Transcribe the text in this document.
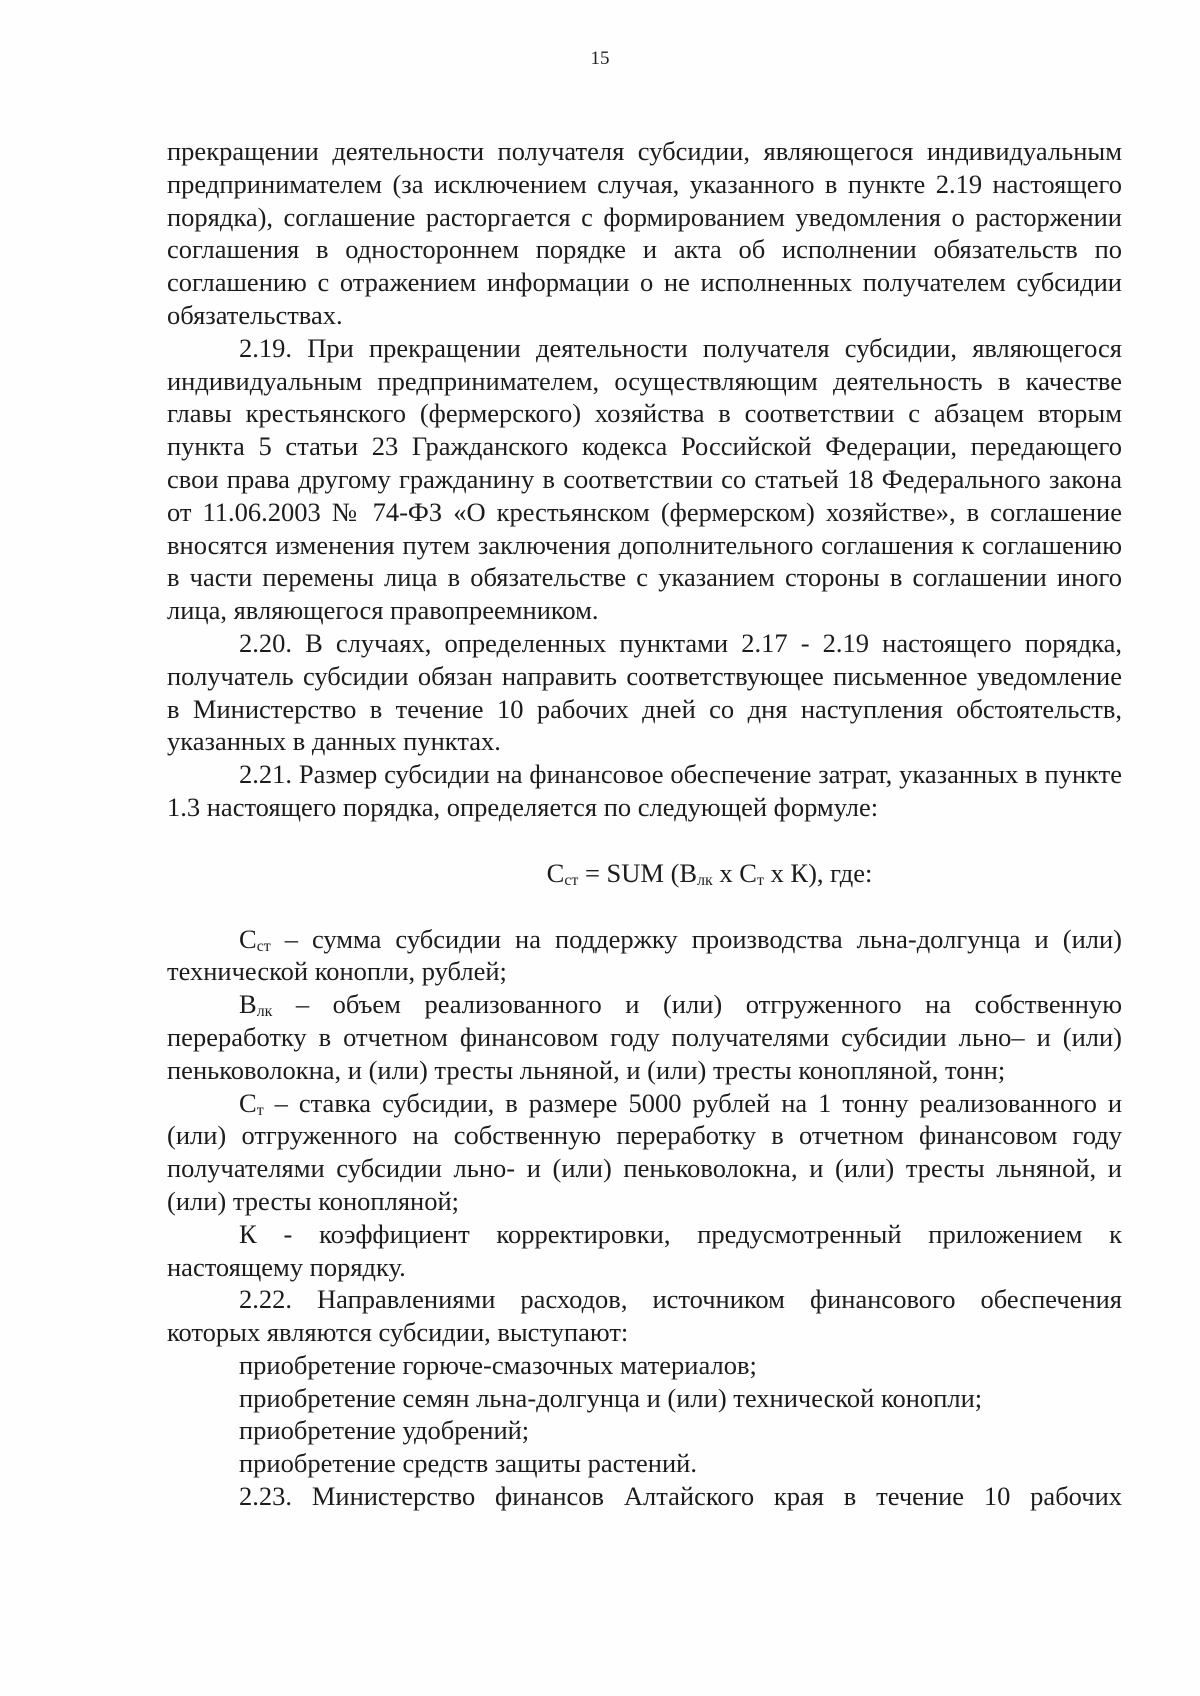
15

прекращении деятельности получателя субсидии, являющегося индивидуальным предпринимателем (за исключением случая, указанного в пункте 2.19 настоящего порядка), соглашение расторгается с формированием уведомления о расторжении соглашения в одностороннем порядке и акта об исполнении обязательств по соглашению с отражением информации о не исполненных получателем субсидии обязательствах.

2.19. При прекращении деятельности получателя субсидии, являющегося индивидуальным предпринимателем, осуществляющим деятельность в качестве главы крестьянского (фермерского) хозяйства в соответствии с абзацем вторым пункта 5 статьи 23 Гражданского кодекса Российской Федерации, передающего свои права другому гражданину в соответствии со статьей 18 Федерального закона от 11.06.2003 № 74-ФЗ «О крестьянском (фермерском) хозяйстве», в соглашение вносятся изменения путем заключения дополнительного соглашения к соглашению в части перемены лица в обязательстве с указанием стороны в соглашении иного лица, являющегося правопреемником.

2.20. В случаях, определенных пунктами 2.17 - 2.19 настоящего порядка, получатель субсидии обязан направить соответствующее письменное уведомление в Министерство в течение 10 рабочих дней со дня наступления обстоятельств, указанных в данных пунктах.

2.21. Размер субсидии на финансовое обеспечение затрат, указанных в пункте 1.3 настоящего порядка, определяется по следующей формуле:

$С_{ст}$ = SUM ($В_{лк}$ х $С_т$ х К), где:

$С_{ст}$ – сумма субсидии на поддержку производства льна-долгунца и (или) технической конопли, рублей;

$В_{лк}$ – объем реализованного и (или) отгруженного на собственную переработку в отчетном финансовом году получателями субсидии льно– и (или) пеньковолокна, и (или) тресты льняной, и (или) тресты конопляной, тонн;

$С_т$ – ставка субсидии, в размере 5000 рублей на 1 тонну реализованного и (или) отгруженного на собственную переработку в отчетном финансовом году получателями субсидии льно- и (или) пеньковолокна, и (или) тресты льняной, и (или) тресты конопляной;

К - коэффициент корректировки, предусмотренный приложением к настоящему порядку.

2.22. Направлениями расходов, источником финансового обеспечения которых являются субсидии, выступают:

приобретение горюче-смазочных материалов;

приобретение семян льна-долгунца и (или) технической конопли;

приобретение удобрений;

приобретение средств защиты растений.

2.23. Министерство финансов Алтайского края в течение 10 рабочих
